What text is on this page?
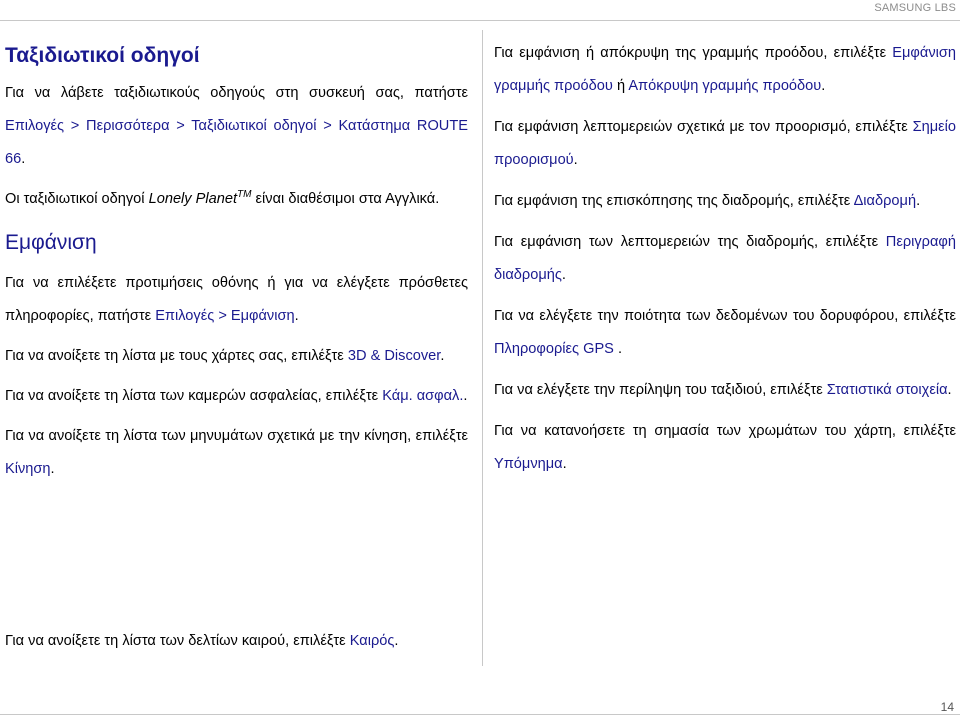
SAMSUNG LBS
Ταξιδιωτικοί οδηγοί

Για να λάβετε ταξιδιωτικούς οδηγούς στη συσκευή σας, πατήστε Επιλογές > Περισσότερα > Ταξιδιωτικοί οδηγοί > Κατάστημα ROUTE 66.

Οι ταξιδιωτικοί οδηγοί Lonely Planet™ είναι διαθέσιμοι στα Αγγλικά.

Εμφάνιση

Για να επιλέξετε προτιμήσεις οθόνης ή για να ελέγξετε πρόσθετες πληροφορίες, πατήστε Επιλογές > Εμφάνιση.

Για να ανοίξετε τη λίστα με τους χάρτες σας, επιλέξτε 3D & Discover.

Για να ανοίξετε τη λίστα των καμερών ασφαλείας, επιλέξτε Κάμ. ασφαλ..

Για να ανοίξετε τη λίστα των μηνυμάτων σχετικά με την κίνηση, επιλέξτε Κίνηση.

Για να ανοίξετε τη λίστα των δελτίων καιρού, επιλέξτε Καιρός.

Για εμφάνιση ή απόκρυψη της γραμμής προόδου, επιλέξτε Εμφάνιση γραμμής προόδου ή Απόκρυψη γραμμής προόδου.

Για εμφάνιση λεπτομερειών σχετικά με τον προορισμό, επιλέξτε Σημείο προορισμού.

Για εμφάνιση της επισκόπησης της διαδρομής, επιλέξτε Διαδρομή.

Για εμφάνιση των λεπτομερειών της διαδρομής, επιλέξτε Περιγραφή διαδρομής.

Για να ελέγξετε την ποιότητα των δεδομένων του δορυφόρου, επιλέξτε Πληροφορίες GPS .

Για να ελέγξετε την περίληψη του ταξιδιού, επιλέξτε Στατιστικά στοιχεία.

Για να κατανοήσετε τη σημασία των χρωμάτων του χάρτη, επιλέξτε Υπόμνημα.

14
